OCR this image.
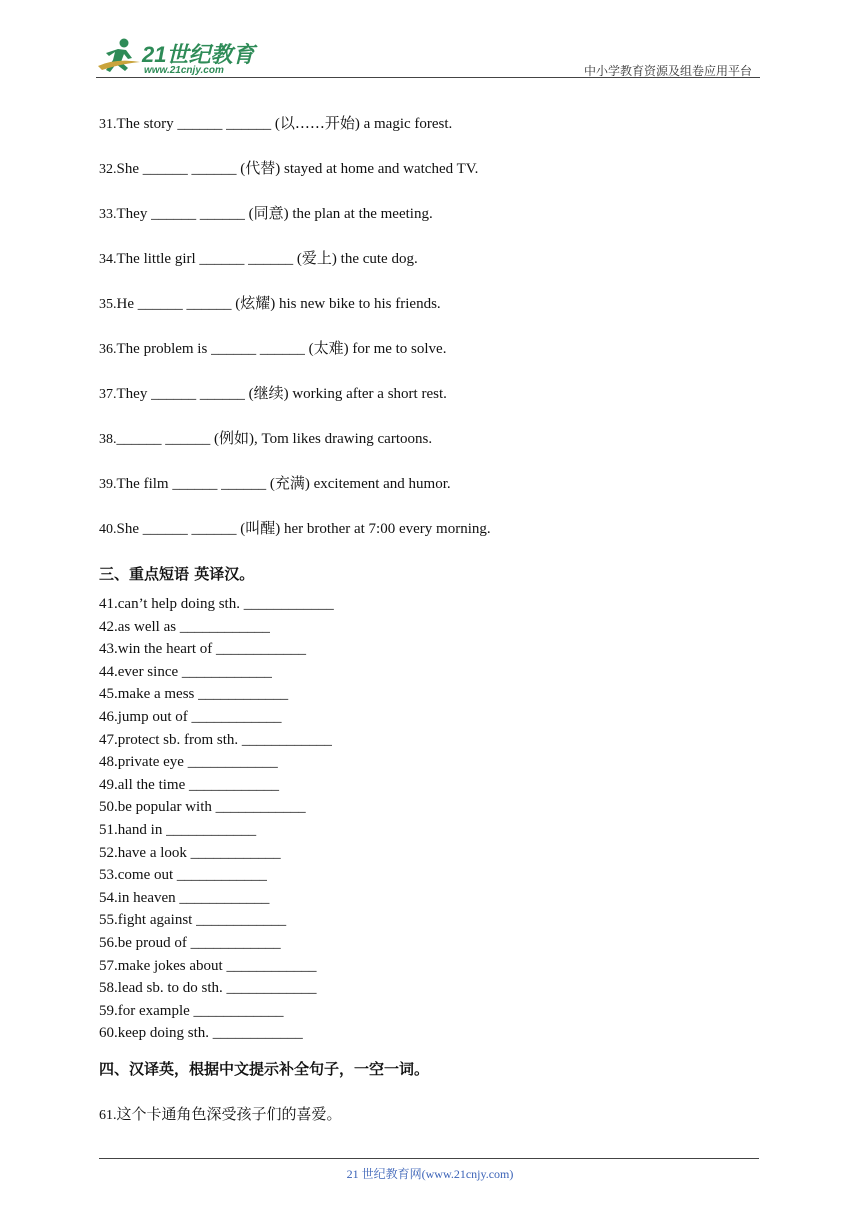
21世纪教育
www.21cnjy.com	中小学教育资源及组卷应用平台
31.The story ______ ______ (以……开始) a magic forest.
32.She ______ ______ (代替) stayed at home and watched TV.
33.They ______ ______ (同意) the plan at the meeting.
34.The little girl ______ ______ (爱上) the cute dog.
35.He ______ ______ (炫耀) his new bike to his friends.
36.The problem is ______ ______ (太难) for me to solve.
37.They ______ ______ (继续) working after a short rest.
38.______ ______ (例如), Tom likes drawing cartoons.
39.The film ______ ______ (充满) excitement and humor.
40.She ______ ______ (叫醒) her brother at 7:00 every morning.
三、重点短语 英译汉。
41.can’t help doing sth. ____________
42.as well as ____________
43.win the heart of ____________
44.ever since ____________
45.make a mess ____________
46.jump out of ____________
47.protect sb. from sth. ____________
48.private eye ____________
49.all the time ____________
50.be popular with ____________
51.hand in ____________
52.have a look ____________
53.come out ____________
54.in heaven ____________
55.fight against ____________
56.be proud of ____________
57.make jokes about ____________
58.lead sb. to do sth. ____________
59.for example ____________
60.keep doing sth. ____________
四、汉译英，根据中文提示补全句子，一空一词。
61.这个卡通角色深受孩子们的喜爱。
21 世纪教育网(www.21cnjy.com)
